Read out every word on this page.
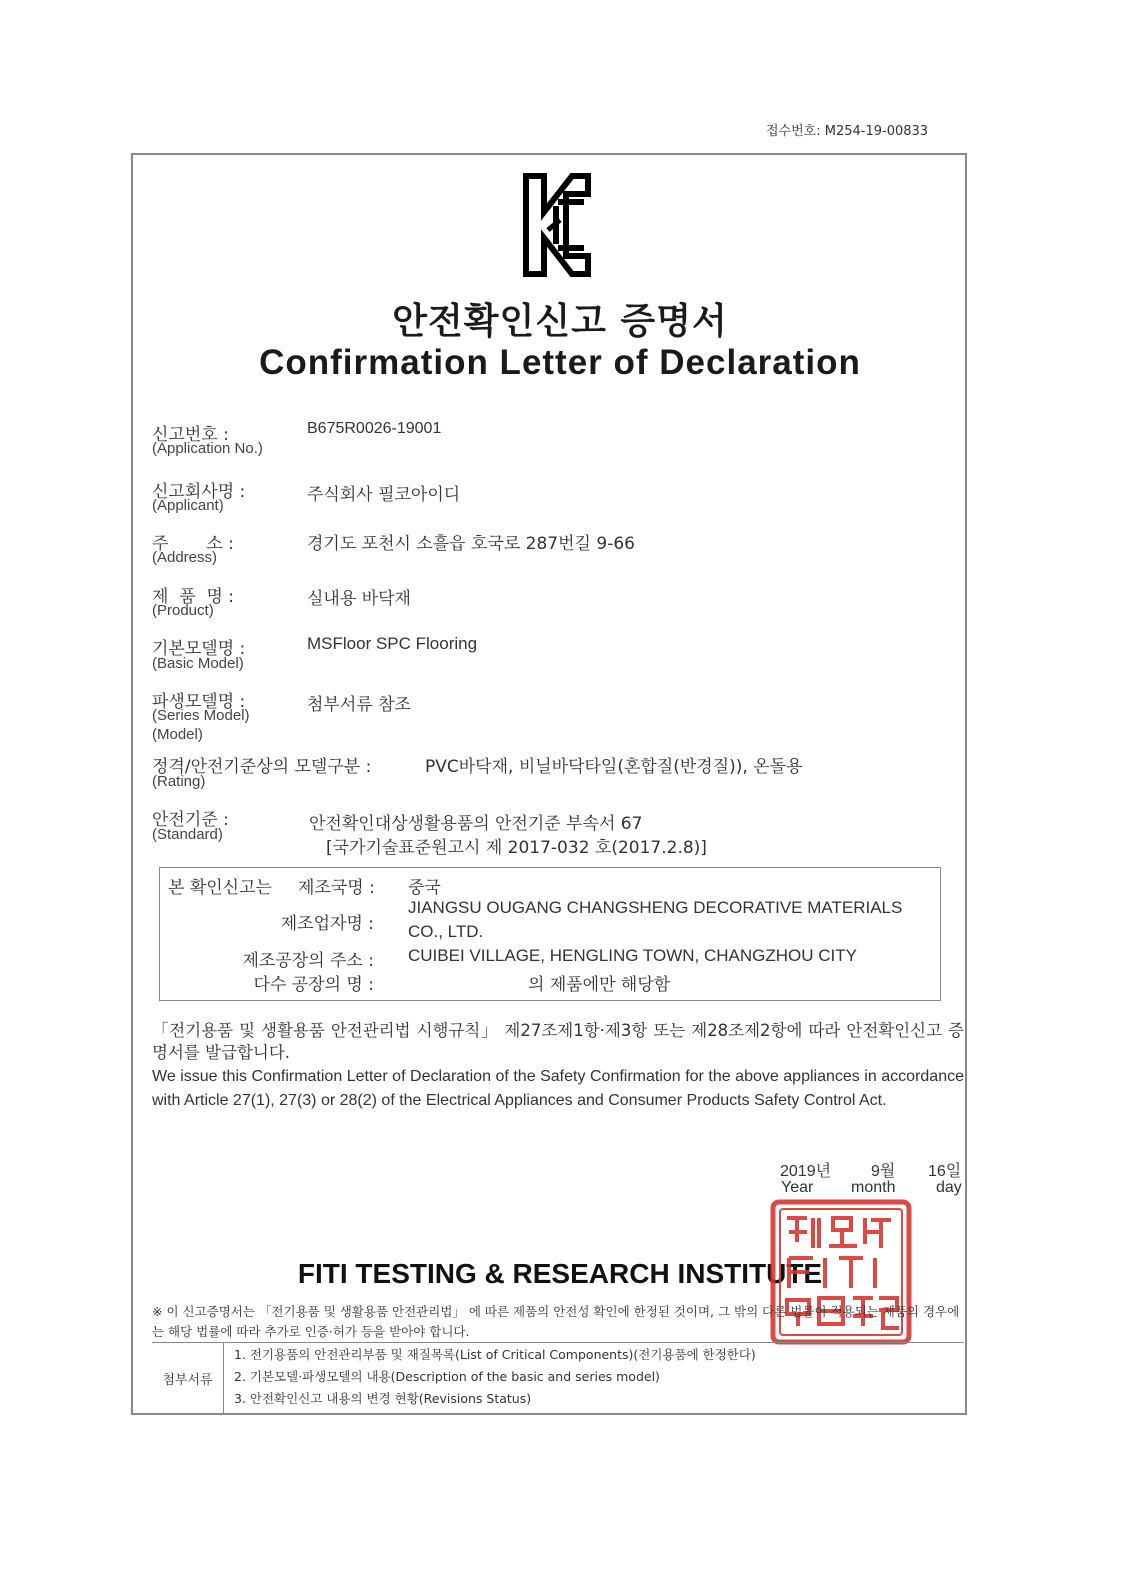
접수번호: M254-19-00833
안전확인신고 증명서
Confirmation Letter of Declaration
신고번호 :
(Application No.)
B675R0026-19001
신고회사명 :
(Applicant)
주식회사 필코아이디
주       소 :
(Address)
경기도 포천시 소흘읍 호국로 287번길 9-66
제  품  명 :
(Product)
실내용 바닥재
기본모델명 :
(Basic Model)
MSFloor SPC Flooring
파생모델명 :
(Series Model)
(Model)
첨부서류 참조
정격/안전기준상의 모델구분 :
(Rating)
PVC바닥재, 비닐바닥타일(혼합질(반경질)), 온돌용
안전기준 :
(Standard)
안전확인대상생활용품의 안전기준 부속서 67
[국가기술표준원고시 제 2017-032 호(2017.2.8)]
본 확인신고는 제조국명 : 중국
제조업자명 :
JIANGSU OUGANG CHANGSHENG DECORATIVE MATERIALS
CO., LTD.
제조공장의 주소 : CUIBEI VILLAGE, HENGLING TOWN, CHANGZHOU CITY
다수 공장의 명 :	의 제품에만 해당함
「전기용품 및 생활용품 안전관리법 시행규칙」 제27조제1항·제3항 또는 제28조제2항에 따라 안전확인신고 증명서를 발급합니다.
We issue this Confirmation Letter of Declaration of the Safety Confirmation for the above appliances in accordance with Article 27(1), 27(3) or 28(2) of the Electrical Appliances and Consumer Products Safety Control Act.
2019년 9월 16일
Year month	day
FITI TESTING & RESEARCH INSTITUTE
※ 이 신고증명서는 「전기용품 및 생활용품 안전관리법」 에 따른 제품의 안전성 확인에 한정된 것이며, 그 밖의 다른 법률이 적용되는 제품의 경우에는 해당 법률에 따라 추가로 인증·허가 등을 받아야 합니다.
첨부서류
1. 전기용품의 안전관리부품 및 재질목록(List of Critical Components)(전기용품에 한정한다)
2. 기본모델·파생모델의 내용(Description of the basic and series model)
3. 안전확인신고 내용의 변경 현황(Revisions Status)
